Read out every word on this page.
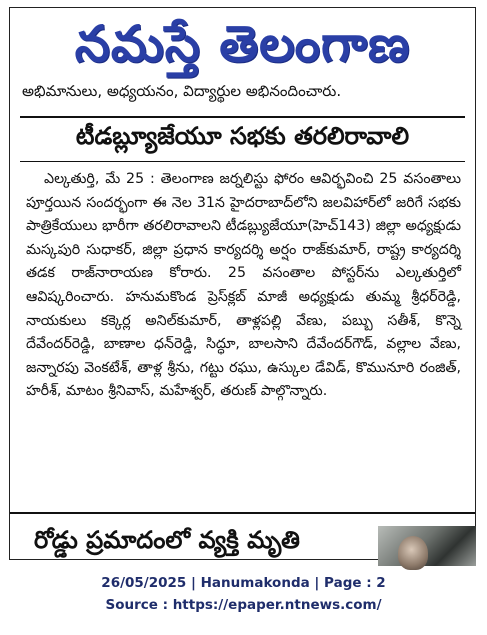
నమస్తే తెలంగాణ
అభిమానులు, అధ్యయనం, విద్యార్థుల అభినందించారు.
టీడబ్ల్యూజేయూ సభకు తరలిరావాలి
ఎల్కతుర్తి, మే 25 : తెలంగాణ జర్నలిస్టు ఫోరం ఆవిర్భవించి 25 వసంతాలు పూర్తయిన సందర్భంగా ఈ నెల 31న హైదరాబాద్‌లోని జలవిహార్‌లో జరిగే సభకు పాత్రికేయులు భారీగా తరలిరావాలని టీడబ్ల్యుజేయూ(హెచ్143) జిల్లా అధ్యక్షుడు మస్కపురి సుధాకర్, జిల్లా ప్రధాన కార్యదర్శి అర్షం రాజ్‌కుమార్, రాష్ట్ర కార్యదర్శి తడక రాజ్‌నారాయణ కోరారు. 25 వసంతాల పోస్టర్‌ను ఎల్కతుర్తిలో ఆవిష్కరించారు. హనుమకొండ ప్రెస్‌క్లబ్ మాజీ అధ్యక్షుడు తుమ్మ శ్రీధర్‌రెడ్డి, నాయకులు కక్కెర్ల అనిల్‌కుమార్, తాళ్లపల్లి వేణు, పబ్బు సతీశ్, కొన్నె దేవేందర్‌రెడ్డి, బాణాల ధన్‌రెడ్డి, సిద్ధూ, బాలసాని దేవేందర్‌గౌడ్, వల్లాల వేణు, జన్నారపు వెంకటేశ్, తాళ్ల శ్రీను, గట్టు రఘు, ఉస్కుల డేవిడ్, కొమునూరి రంజిత్, హరీశ్, మాటం శ్రీనివాస్, మహేశ్వర్, తరుణ్ పాల్గొన్నారు.
రోడ్డు ప్రమాదంలో వ్యక్తి మృతి
26/05/2025 | Hanumakonda | Page : 2
Source : https://epaper.ntnews.com/
